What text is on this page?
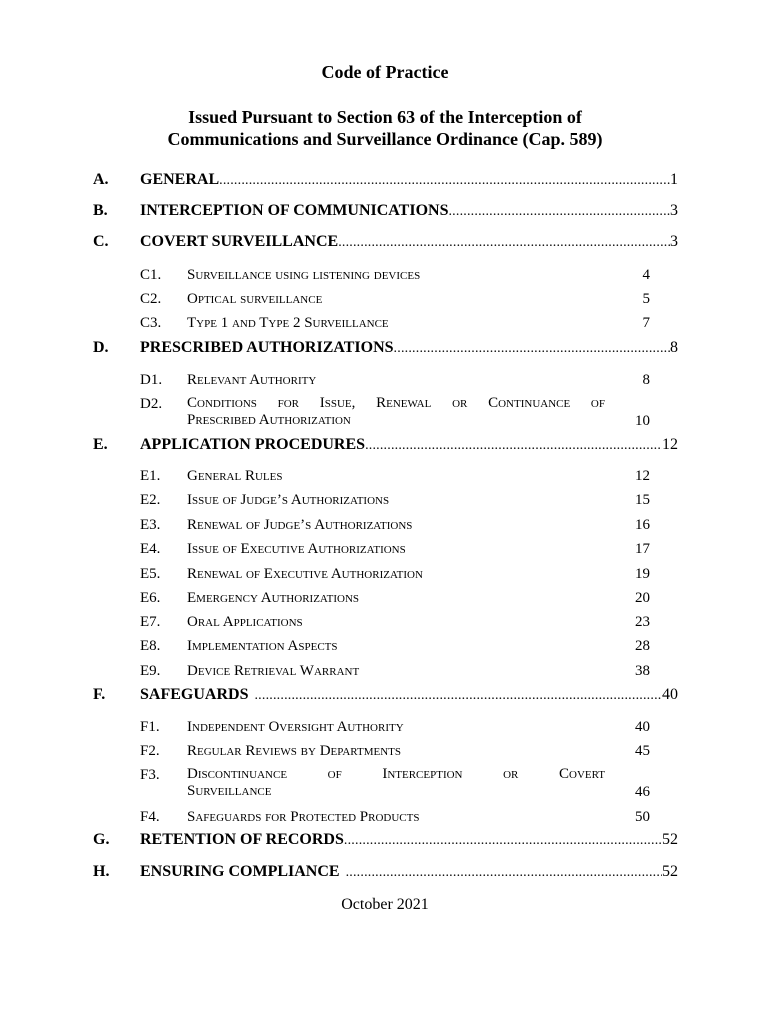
Code of Practice
Issued Pursuant to Section 63 of the Interception of
Communications and Surveillance Ordinance (Cap. 589)
A.	GENERAL .....	1
B.	INTERCEPTION OF COMMUNICATIONS .....	3
C.	COVERT SURVEILLANCE .....	3
C1. Surveillance using listening devices	4
C2. Optical surveillance	5
C3. Type 1 and Type 2 Surveillance	7
D.	PRESCRIBED AUTHORIZATIONS .....	8
D1. Relevant Authority	8
D2. Conditions for Issue, Renewal or Continuance of
Prescribed Authorization	10
E.	APPLICATION PROCEDURES .....	12
E1. General Rules	12
E2. Issue of Judge’s Authorizations	15
E3. Renewal of Judge’s Authorizations	16
E4. Issue of Executive Authorizations	17
E5. Renewal of Executive Authorization	19
E6. Emergency Authorizations	20
E7. Oral Applications	23
E8. Implementation Aspects	28
E9. Device Retrieval Warrant	38
F.	SAFEGUARDS .....	40
F1. Independent Oversight Authority	40
F2. Regular Reviews by Departments	45
F3. Discontinuance of Interception or Covert
Surveillance	46
F4. Safeguards for Protected Products	50
G.	RETENTION OF RECORDS .....	52
H.	ENSURING COMPLIANCE .....	52
October 2021
